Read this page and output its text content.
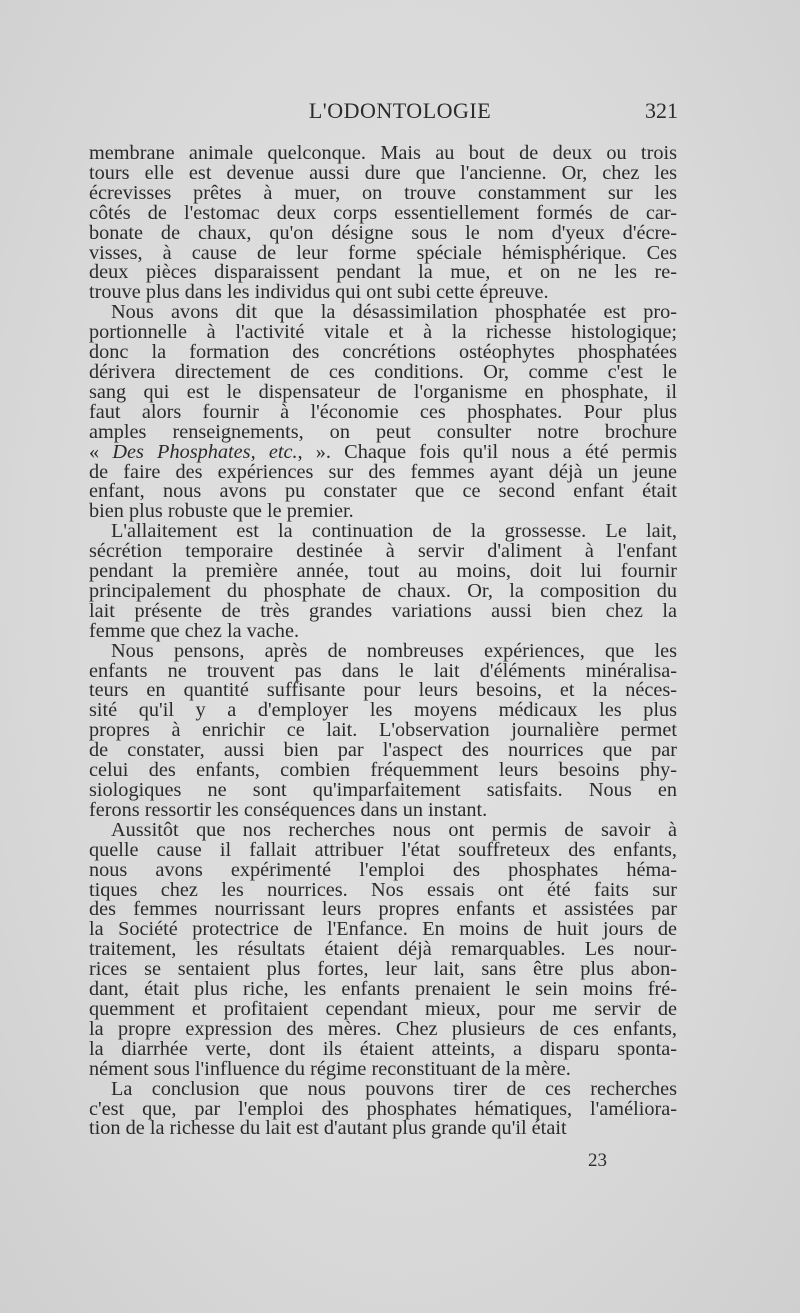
L'ODONTOLOGIE	321
membrane animale quelconque. Mais au bout de deux ou trois
tours elle est devenue aussi dure que l'ancienne. Or, chez les
écrevisses prêtes à muer, on trouve constamment sur les
côtés de l'estomac deux corps essentiellement formés de car-
bonate de chaux, qu'on désigne sous le nom d'yeux d'écre-
visses, à cause de leur forme spéciale hémisphérique. Ces
deux pièces disparaissent pendant la mue, et on ne les re-
trouve plus dans les individus qui ont subi cette épreuve.
Nous avons dit que la désassimilation phosphatée est pro-
portionnelle à l'activité vitale et à la richesse histologique;
donc la formation des concrétions ostéophytes phosphatées
dérivera directement de ces conditions. Or, comme c'est le
sang qui est le dispensateur de l'organisme en phosphate, il
faut alors fournir à l'économie ces phosphates. Pour plus
amples renseignements, on peut consulter notre brochure
« Des Phosphates, etc., ». Chaque fois qu'il nous a été permis
de faire des expériences sur des femmes ayant déjà un jeune
enfant, nous avons pu constater que ce second enfant était
bien plus robuste que le premier.
L'allaitement est la continuation de la grossesse. Le lait,
sécrétion temporaire destinée à servir d'aliment à l'enfant
pendant la première année, tout au moins, doit lui fournir
principalement du phosphate de chaux. Or, la composition du
lait présente de très grandes variations aussi bien chez la
femme que chez la vache.
Nous pensons, après de nombreuses expériences, que les
enfants ne trouvent pas dans le lait d'éléments minéralisa-
teurs en quantité suffisante pour leurs besoins, et la néces-
sité qu'il y a d'employer les moyens médicaux les plus
propres à enrichir ce lait. L'observation journalière permet
de constater, aussi bien par l'aspect des nourrices que par
celui des enfants, combien fréquemment leurs besoins phy-
siologiques ne sont qu'imparfaitement satisfaits. Nous en
ferons ressortir les conséquences dans un instant.
Aussitôt que nos recherches nous ont permis de savoir à
quelle cause il fallait attribuer l'état souffreteux des enfants,
nous avons expérimenté l'emploi des phosphates héma-
tiques chez les nourrices. Nos essais ont été faits sur
des femmes nourrissant leurs propres enfants et assistées par
la Société protectrice de l'Enfance. En moins de huit jours de
traitement, les résultats étaient déjà remarquables. Les nour-
rices se sentaient plus fortes, leur lait, sans être plus abon-
dant, était plus riche, les enfants prenaient le sein moins fré-
quemment et profitaient cependant mieux, pour me servir de
la propre expression des mères. Chez plusieurs de ces enfants,
la diarrhée verte, dont ils étaient atteints, a disparu sponta-
nément sous l'influence du régime reconstituant de la mère.
La conclusion que nous pouvons tirer de ces recherches
c'est que, par l'emploi des phosphates hématiques, l'améliora-
tion de la richesse du lait est d'autant plus grande qu'il était
23
